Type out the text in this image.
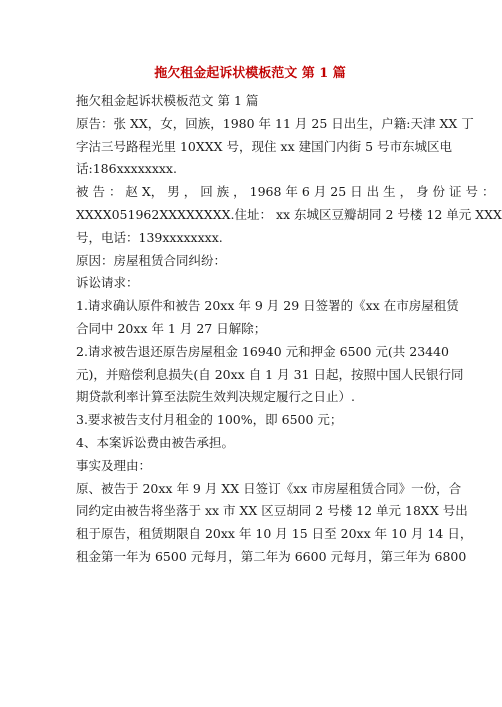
拖欠租金起诉状模板范文 第 1 篇
拖欠租金起诉状模板范文 第 1 篇
原告：张 XX，女，回族，1980 年 11 月 25 日出生，户籍:天津 XX 丁
字沽三号路程光里 10XXX 号，现住 xx 建国门内街 5 号市东城区电
话:186xxxxxxxx.
被 告 ： 赵 X， 男 ， 回 族 ， 1968 年 6 月 25 日 出 生 ， 身 份 证 号 ：
XXXX051962XXXXXXXX.住址： xx 东城区豆瓣胡同 2 号楼 12 单元 XXX
号，电话：139xxxxxxxx.
原因：房屋租赁合同纠纷：
诉讼请求：
1.请求确认原件和被告 20xx 年 9 月 29 日签署的《xx 在市房屋租赁
合同中 20xx 年 1 月 27 日解除；
2.请求被告退还原告房屋租金 16940 元和押金 6500 元(共 23440
元)，并赔偿利息损失(自 20xx 自 1 月 31 日起，按照中国人民银行同
期贷款利率计算至法院生效判决规定履行之日止）.
3.要求被告支付月租金的 100%，即 6500 元；
4、本案诉讼费由被告承担。
事实及理由：
原、被告于 20xx 年 9 月 XX 日签订《xx 市房屋租赁合同》一份，合
同约定由被告将坐落于 xx 市 XX 区豆胡同 2 号楼 12 单元 18XX 号出
租于原告，租赁期限自 20xx 年 10 月 15 日至 20xx 年 10 月 14 日，
租金第一年为 6500 元每月，第二年为 6600 元每月，第三年为 6800
